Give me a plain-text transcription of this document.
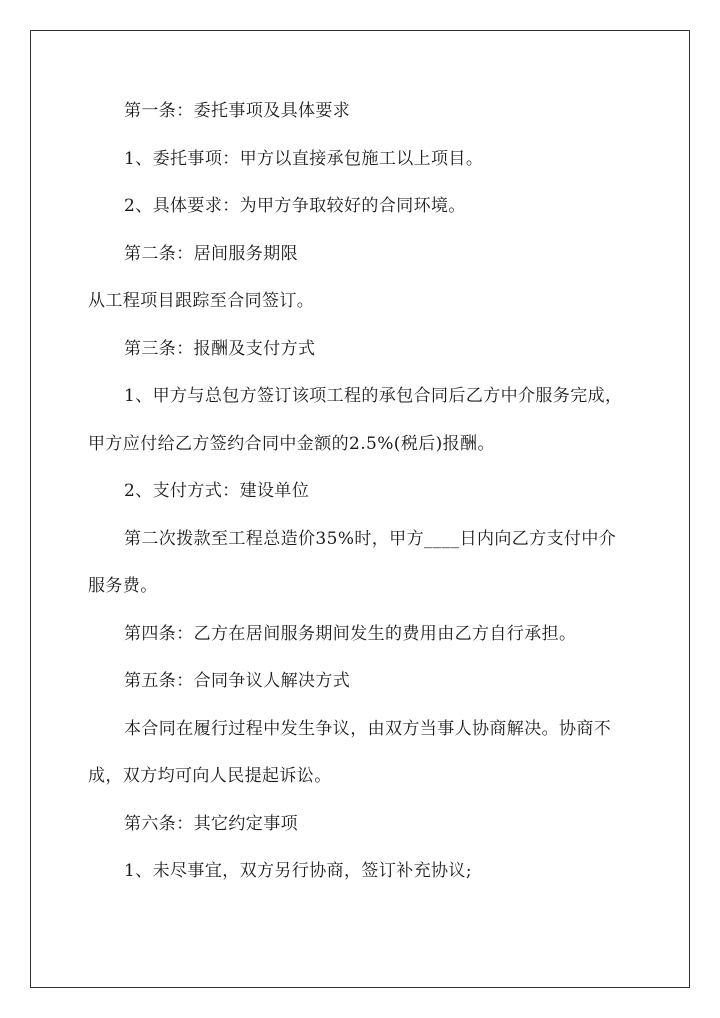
第一条：委托事项及具体要求
1、委托事项：甲方以直接承包施工以上项目。
2、具体要求：为甲方争取较好的合同环境。
第二条：居间服务期限
从工程项目跟踪至合同签订。
第三条：报酬及支付方式
1、甲方与总包方签订该项工程的承包合同后乙方中介服务完成，
甲方应付给乙方签约合同中金额的2.5%(税后)报酬。
2、支付方式：建设单位
第二次拨款至工程总造价35%时，甲方____日内向乙方支付中介
服务费。
第四条：乙方在居间服务期间发生的费用由乙方自行承担。
第五条：合同争议人解决方式
本合同在履行过程中发生争议，由双方当事人协商解决。协商不
成，双方均可向人民提起诉讼。
第六条：其它约定事项
1、未尽事宜，双方另行协商，签订补充协议;
